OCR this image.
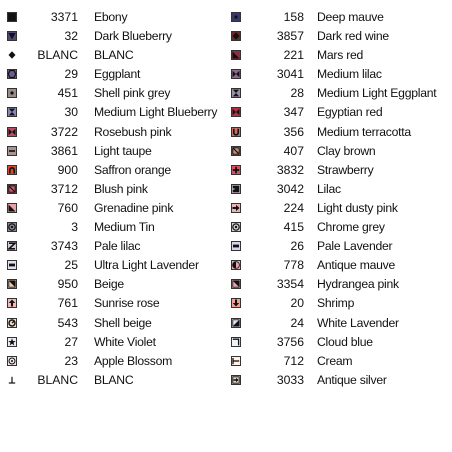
3371 Ebony
32 Dark Blueberry
BLANC BLANC
29 Eggplant
451 Shell pink grey
30 Medium Light Blueberry
3722 Rosebush pink
3861 Light taupe
900 Saffron orange
3712 Blush pink
760 Grenadine pink
3 Medium Tin
3743 Pale lilac
25 Ultra Light Lavender
950 Beige
761 Sunrise rose
543 Shell beige
27 White Violet
23 Apple Blossom
BLANC BLANC
158 Deep mauve
3857 Dark red wine
221 Mars red
3041 Medium lilac
28 Medium Light Eggplant
347 Egyptian red
356 Medium terracotta
407 Clay brown
3832 Strawberry
3042 Lilac
224 Light dusty pink
415 Chrome grey
26 Pale Lavender
778 Antique mauve
3354 Hydrangea pink
20 Shrimp
24 White Lavender
3756 Cloud blue
712 Cream
3033 Antique silver
